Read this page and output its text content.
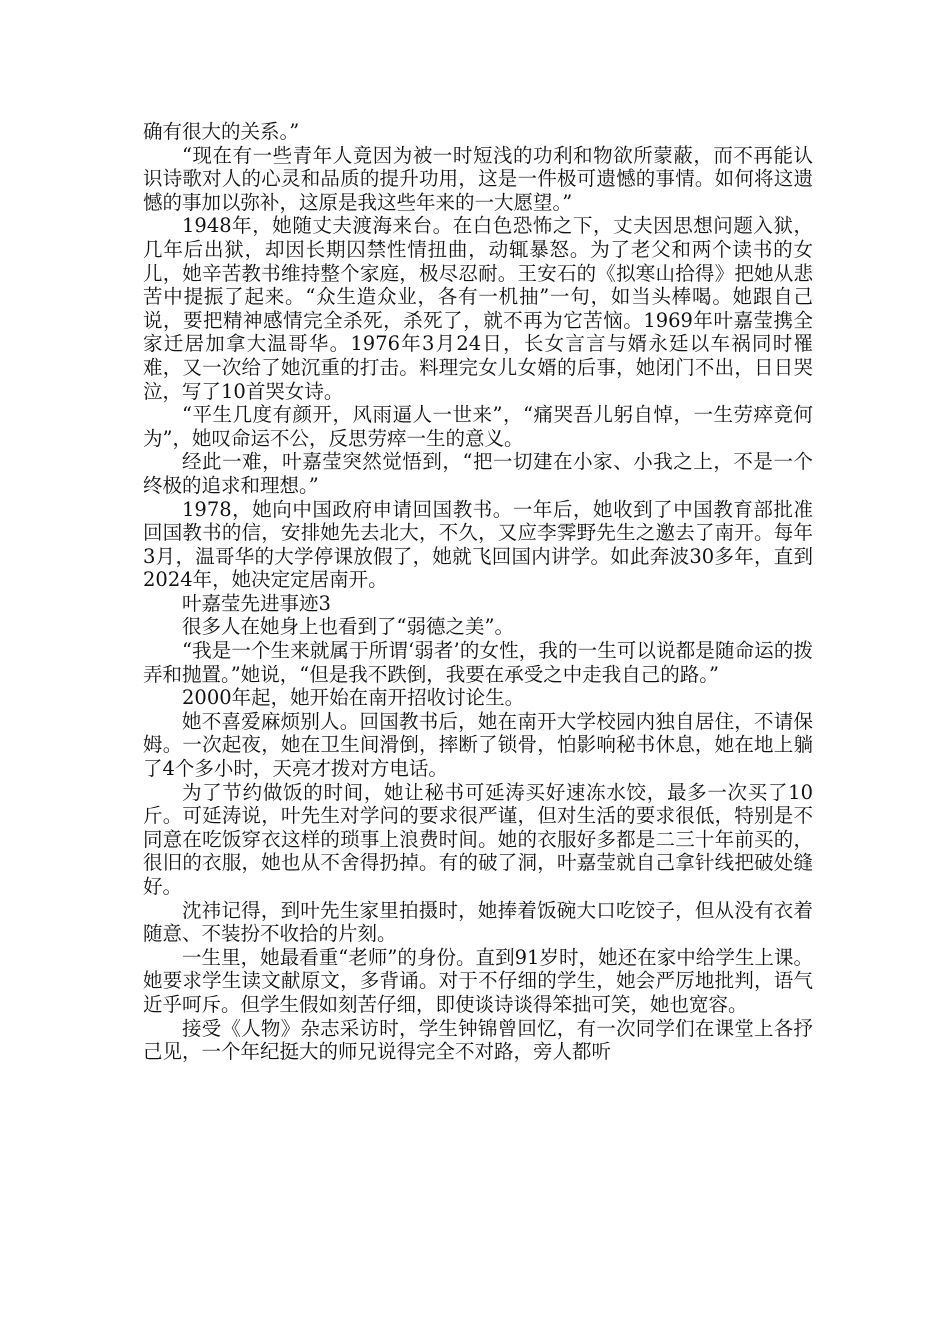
确有很大的关系。”

“现在有一些青年人竟因为被一时短浅的功利和物欲所蒙蔽，而不再能认识诗歌对人的心灵和品质的提升功用，这是一件极可遗憾的事情。如何将这遗憾的事加以弥补，这原是我这些年来的一大愿望。”

1948年，她随丈夫渡海来台。在白色恐怖之下，丈夫因思想问题入狱，几年后出狱，却因长期囚禁性情扭曲，动辄暴怒。为了老父和两个读书的女儿，她辛苦教书维持整个家庭，极尽忍耐。王安石的《拟寒山拾得》把她从悲苦中提振了起来。“众生造众业，各有一机抽”一句，如当头棒喝。她跟自己说，要把精神感情完全杀死，杀死了，就不再为它苦恼。1969年叶嘉莹携全家迁居加拿大温哥华。1976年3月24日，长女言言与婿永廷以车祸同时罹难，又一次给了她沉重的打击。料理完女儿女婿的后事，她闭门不出，日日哭泣，写了10首哭女诗。

“平生几度有颜开，风雨逼人一世来”，“痛哭吾儿躬自悼，一生劳瘁竟何为”，她叹命运不公，反思劳瘁一生的意义。

经此一难，叶嘉莹突然觉悟到，“把一切建在小家、小我之上，不是一个终极的追求和理想。”

1978，她向中国政府申请回国教书。一年后，她收到了中国教育部批准回国教书的信，安排她先去北大，不久，又应李霁野先生之邀去了南开。每年3月，温哥华的大学停课放假了，她就飞回国内讲学。如此奔波30多年，直到2024年，她决定定居南开。

叶嘉莹先进事迹3

很多人在她身上也看到了“弱德之美”。

“我是一个生来就属于所谓‘弱者’的女性，我的一生可以说都是随命运的拨弄和抛置。”她说，“但是我不跌倒，我要在承受之中走我自己的路。”

2000年起，她开始在南开招收讨论生。

她不喜爱麻烦别人。回国教书后，她在南开大学校园内独自居住，不请保姆。一次起夜，她在卫生间滑倒，摔断了锁骨，怕影响秘书休息，她在地上躺了4个多小时，天亮才拨对方电话。

为了节约做饭的时间，她让秘书可延涛买好速冻水饺，最多一次买了10斤。可延涛说，叶先生对学问的要求很严谨，但对生活的要求很低，特别是不同意在吃饭穿衣这样的琐事上浪费时间。她的衣服好多都是二三十年前买的，很旧的衣服，她也从不舍得扔掉。有的破了洞，叶嘉莹就自己拿针线把破处缝好。

沈祎记得，到叶先生家里拍摄时，她捧着饭碗大口吃饺子，但从没有衣着随意、不装扮不收拾的片刻。

一生里，她最看重“老师”的身份。直到91岁时，她还在家中给学生上课。她要求学生读文献原文，多背诵。对于不仔细的学生，她会严厉地批判，语气近乎呵斥。但学生假如刻苦仔细，即使谈诗谈得笨拙可笑，她也宽容。

接受《人物》杂志采访时，学生钟锦曾回忆，有一次同学们在课堂上各抒己见，一个年纪挺大的师兄说得完全不对路，旁人都听
